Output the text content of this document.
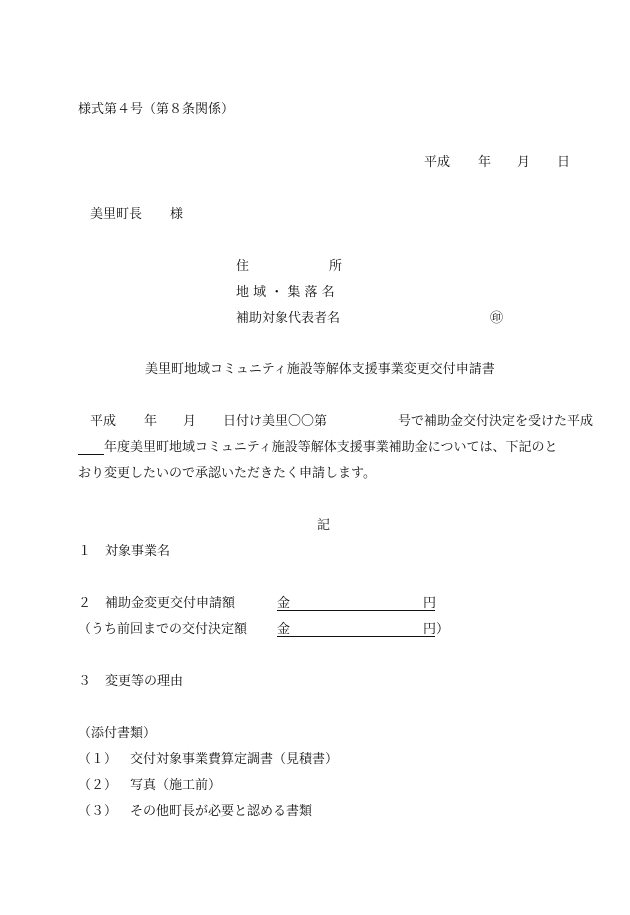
様式第４号（第８条関係）
平成 年 月 日
美里町長 様
住	所
地 域 ・ 集 落 名
補助対象代表者名	㊞
美里町地域コミュニティ施設等解体支援事業変更交付申請書
平成 年 月 日付け美里〇〇第	号で補助金交付決定を受けた平成
年度美里町地域コミュニティ施設等解体支援事業補助金については、下記のと
おり変更したいので承認いただきたく申請します。
記
１ 対象事業名
２ 補助金変更交付申請額	金	円
（うち前回までの交付決定額 金	円 ）
３ 変更等の理由
（添付書類）
（１） 交付対象事業費算定調書（見積書）
（２） 写真（施工前）
（３） その他町長が必要と認める書類
